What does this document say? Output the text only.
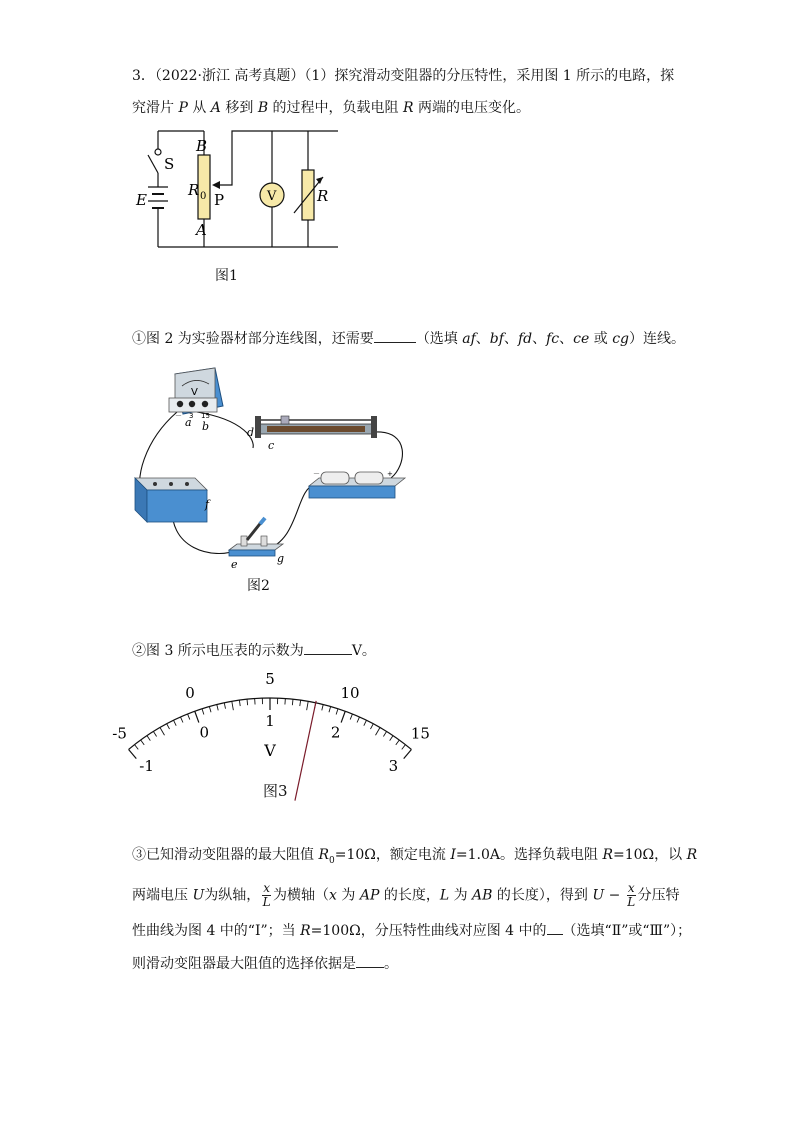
3．（2022·浙江 高考真题）（1）探究滑动变阻器的分压特性，采用图 1 所示的电路，探
究滑片 P 从 A 移到 B 的过程中，负载电阻 R 两端的电压变化。
S
B
R 0 P
E
A
V	R
图1
①图 2 为实验器材部分连线图，还需要	（选填 af、bf、fd、fc、ce 或 cg）连线。
V
－ 3 15
a b	d
c
－	+
f
e	g
图2
②图 3 所示电压表的示数为	V。
-5
0
5
10
15
-1
0
1
2
3
V
图3
③已知滑动变阻器的最大阻值 $R_0=10\Omega$，额定电流 I=1.0A。选择负载电阻 R=10Ω，以 R
两端电压 U为纵轴， $\frac{x}{L}$ 为横轴（x 为 AP 的长度，L 为 AB 的长度），得到 $U - \frac{x}{L}$ 分压特
性曲线为图 4 中的“Ⅰ”；当 R=100Ω，分压特性曲线对应图 4 中的 （选填“Ⅱ”或“Ⅲ”）；
则滑动变阻器最大阻值的选择依据是 。
